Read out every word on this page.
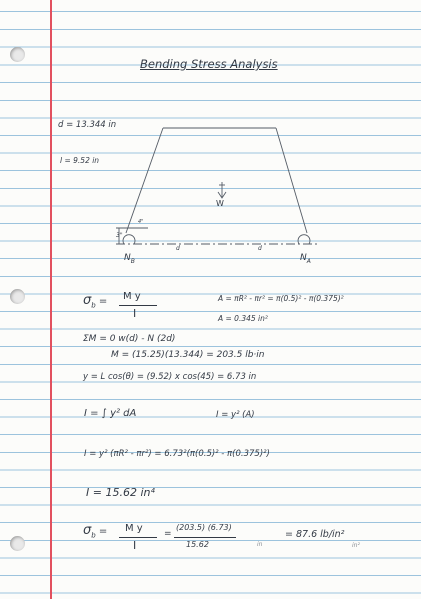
Bending Stress Analysis
d = 13.344 in
l = 9.52 in
W
3"
4"
d	d
$N_B$	$N_A$
$\sigma_b = M$ y
I
A = πR² - πr² = π(0.5)² - π(0.375)²
A = 0.345 in²
ΣM = 0 w(d) - N (2d)
M = (15.25)(13.344) = 203.5 lb·in
y = L cos(θ) = (9.52) x cos(45) = 6.73 in
I = ∫ y² dA	I = y² (A)
I = y² (πR² - πr²) = 6.73²(π(0.5)² - π(0.375)²)
I = 15.62 in⁴
$\sigma_b = M$ y
I
=
(203.5) (6.73)
15.62	in
= 87.6 lb/in²
in²
